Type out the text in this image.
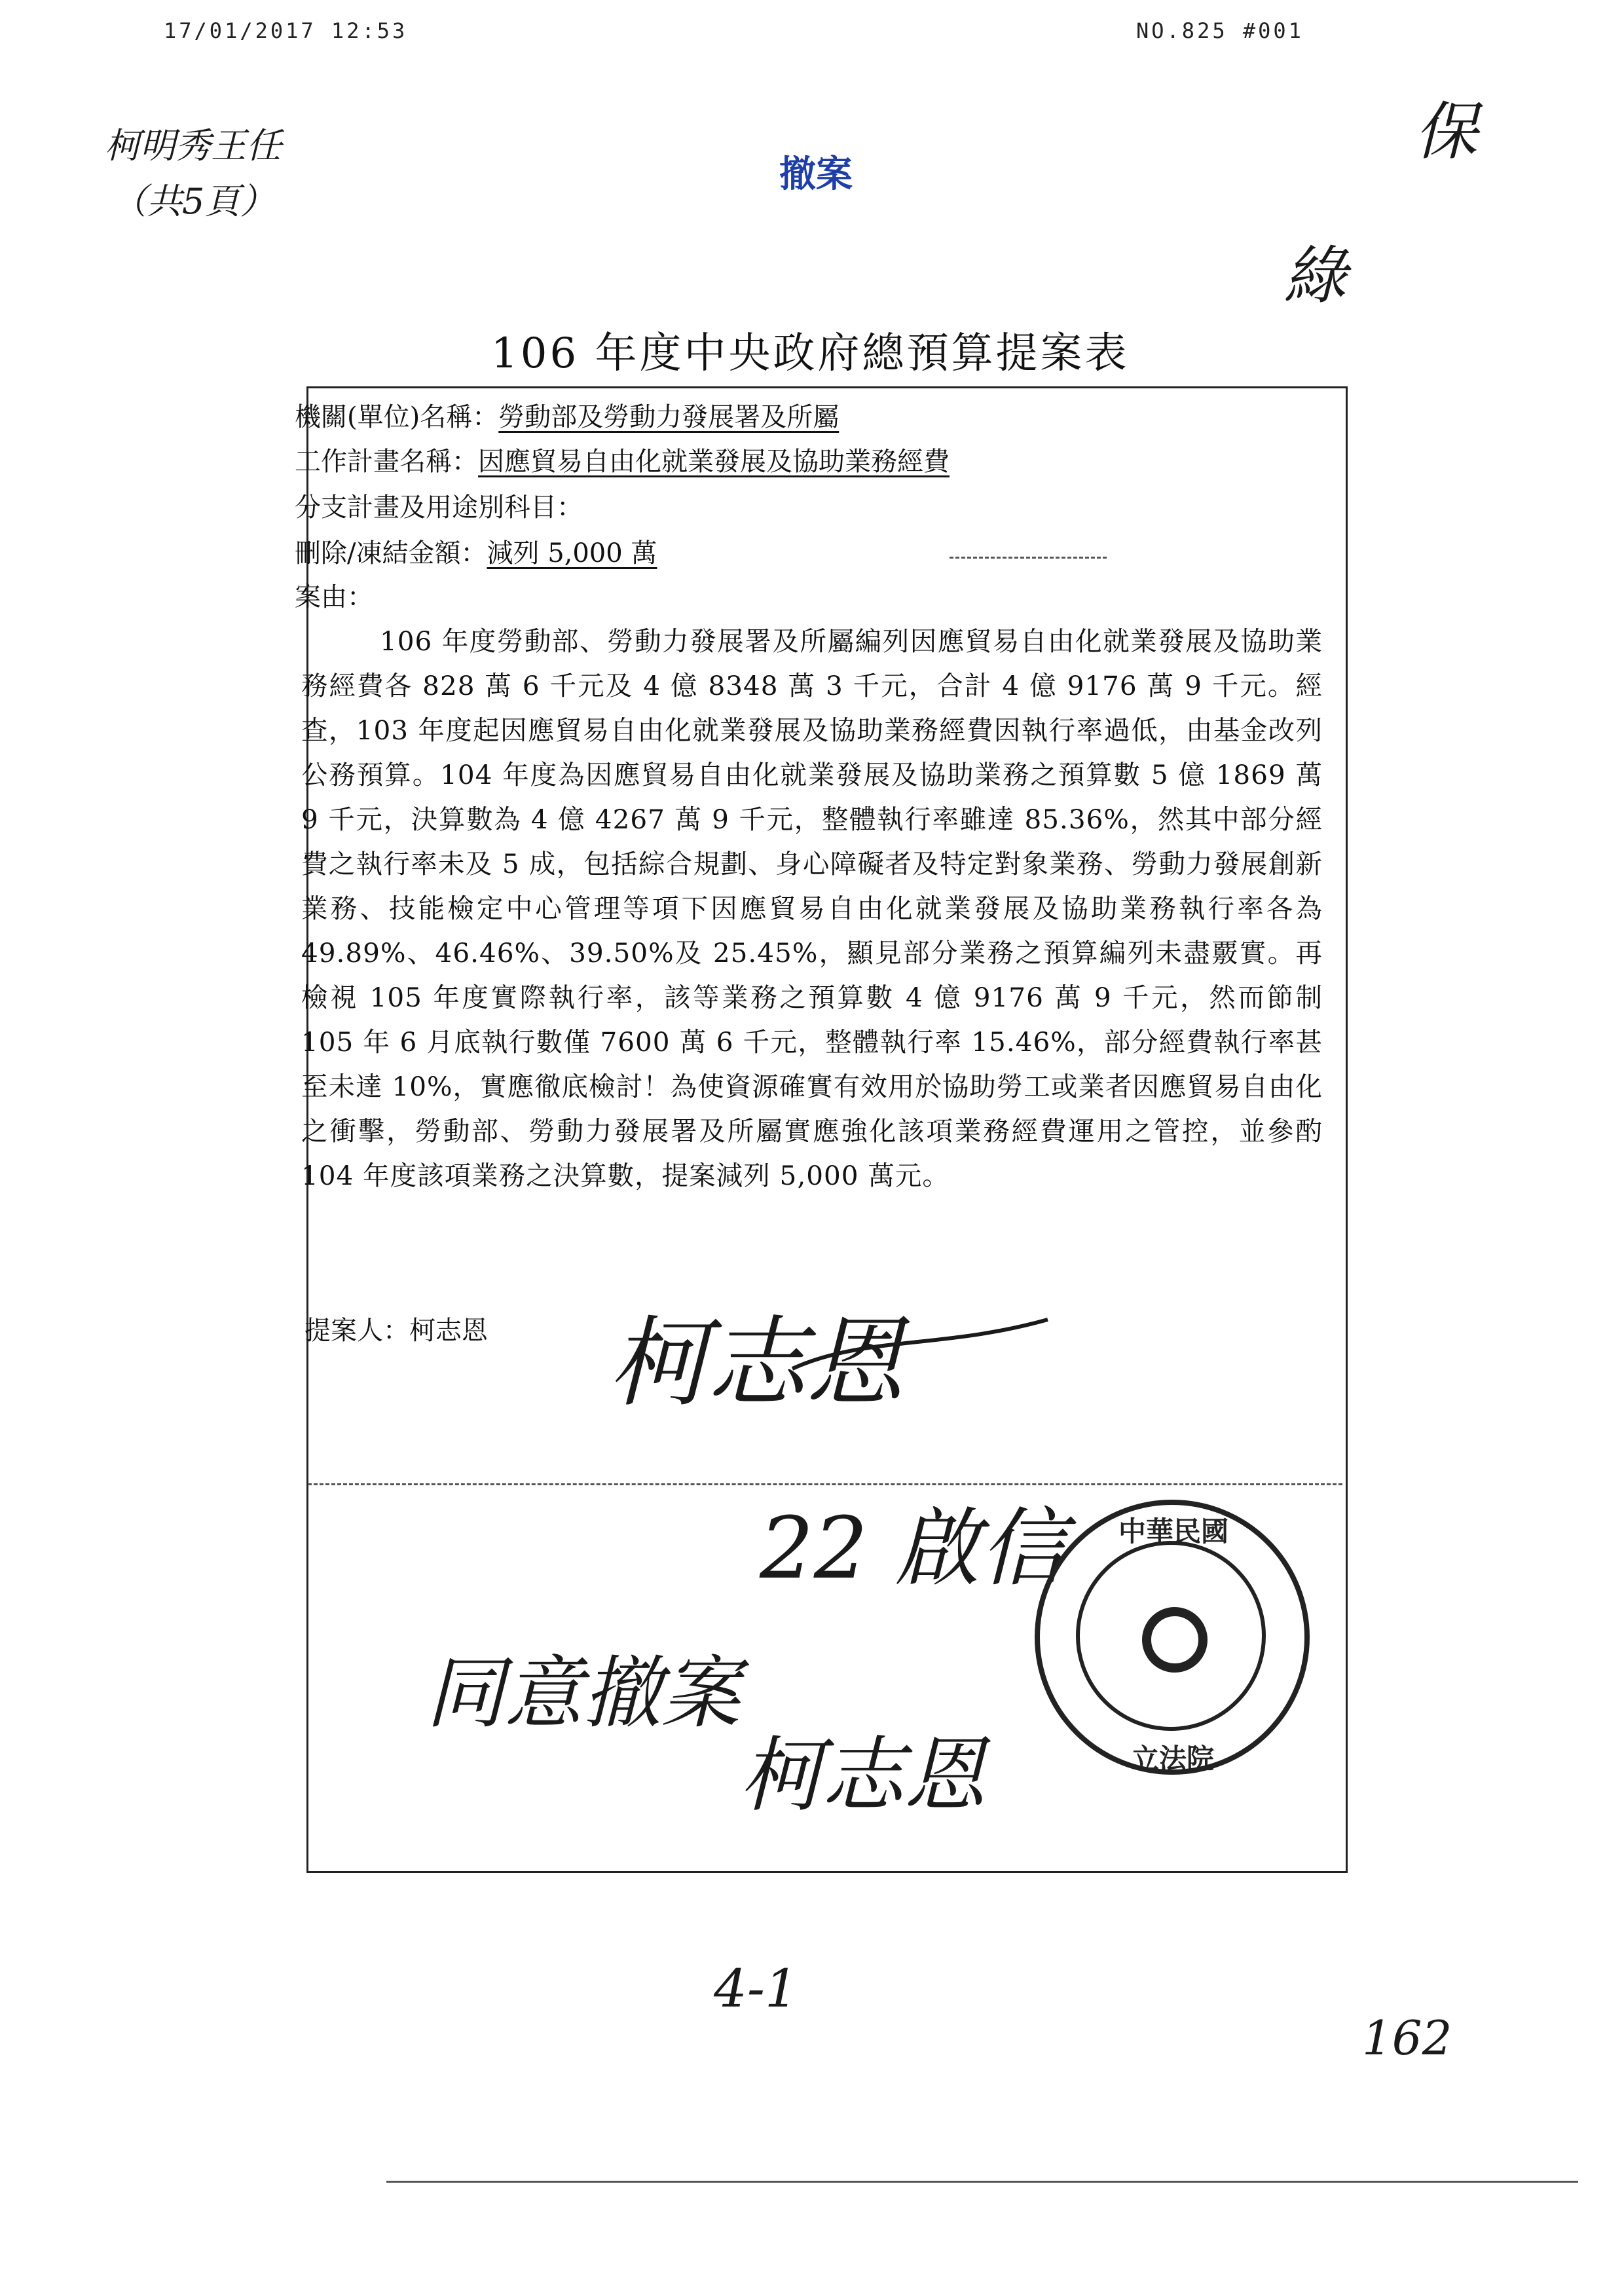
17/01/2017 12:53	NO.825 #001
柯明秀王任
（共5頁）
保
綠
撤案
106 年度中央政府總預算提案表
機關(單位)名稱：勞動部及勞動力發展署及所屬
工作計畫名稱：因應貿易自由化就業發展及協助業務經費
分支計畫及用途別科目：
刪除/凍結金額：減列 5,000 萬
案由：
106 年度勞動部、勞動力發展署及所屬編列因應貿易自由化就業發展及協助業務經費各 828 萬 6 千元及 4 億 8348 萬 3 千元，合計 4 億 9176 萬 9 千元。經查，103 年度起因應貿易自由化就業發展及協助業務經費因執行率過低，由基金改列公務預算。104 年度為因應貿易自由化就業發展及協助業務之預算數 5 億 1869 萬 9 千元，決算數為 4 億 4267 萬 9 千元，整體執行率雖達 85.36%，然其中部分經費之執行率未及 5 成，包括綜合規劃、身心障礙者及特定對象業務、勞動力發展創新業務、技能檢定中心管理等項下因應貿易自由化就業發展及協助業務執行率各為 49.89%、46.46%、39.50%及 25.45%，顯見部分業務之預算編列未盡覈實。再檢視 105 年度實際執行率，該等業務之預算數 4 億 9176 萬 9 千元，然而節制 105 年 6 月底執行數僅 7600 萬 6 千元，整體執行率 15.46%，部分經費執行率甚至未達 10%，實應徹底檢討！為使資源確實有效用於協助勞工或業者因應貿易自由化之衝擊，勞動部、勞動力發展署及所屬實應強化該項業務經費運用之管控，並參酌 104 年度該項業務之決算數，提案減列 5,000 萬元。
提案人：柯志恩 柯志恩
22 啟信
同意撤案
柯志恩
中華民國
立法院
4-1
162
